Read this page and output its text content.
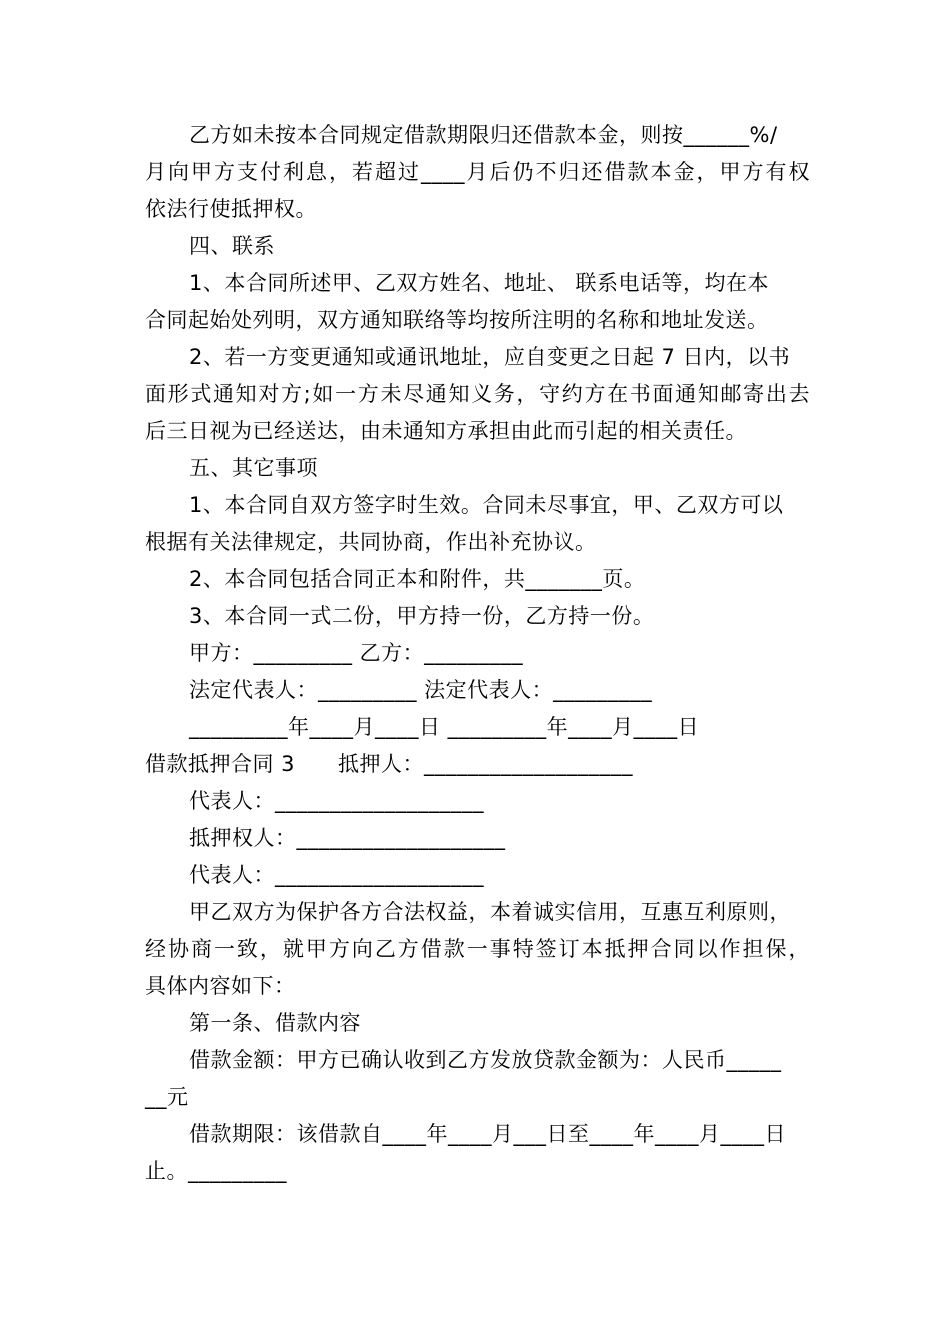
乙方如未按本合同规定借款期限归还借款本金，则按______%/
月向甲方支付利息，若超过____月后仍不归还借款本金，甲方有权
依法行使抵押权。
四、联系
1、本合同所述甲、乙双方姓名、地址、 联系电话等，均在本
合同起始处列明，双方通知联络等均按所注明的名称和地址发送。
2、若一方变更通知或通讯地址，应自变更之日起 7 日内，以书
面形式通知对方;如一方未尽通知义务，守约方在书面通知邮寄出去
后三日视为已经送达，由未通知方承担由此而引起的相关责任。
五、其它事项
1、本合同自双方签字时生效。合同未尽事宜，甲、乙双方可以
根据有关法律规定，共同协商，作出补充协议。
2、本合同包括合同正本和附件，共_______页。
3、本合同一式二份，甲方持一份，乙方持一份。
甲方：_________ 乙方：_________
法定代表人：_________ 法定代表人：_________
_________年____月____日 _________年____月____日
借款抵押合同 3　　抵押人：___________________
代表人：___________________
抵押权人：___________________
代表人：___________________
甲乙双方为保护各方合法权益，本着诚实信用，互惠互利原则，
经协商一致，就甲方向乙方借款一事特签订本抵押合同以作担保，
具体内容如下：
第一条、借款内容
借款金额：甲方已确认收到乙方发放贷款金额为：人民币_____
__元
借款期限：该借款自____年____月___日至____年____月____日
止。_________
